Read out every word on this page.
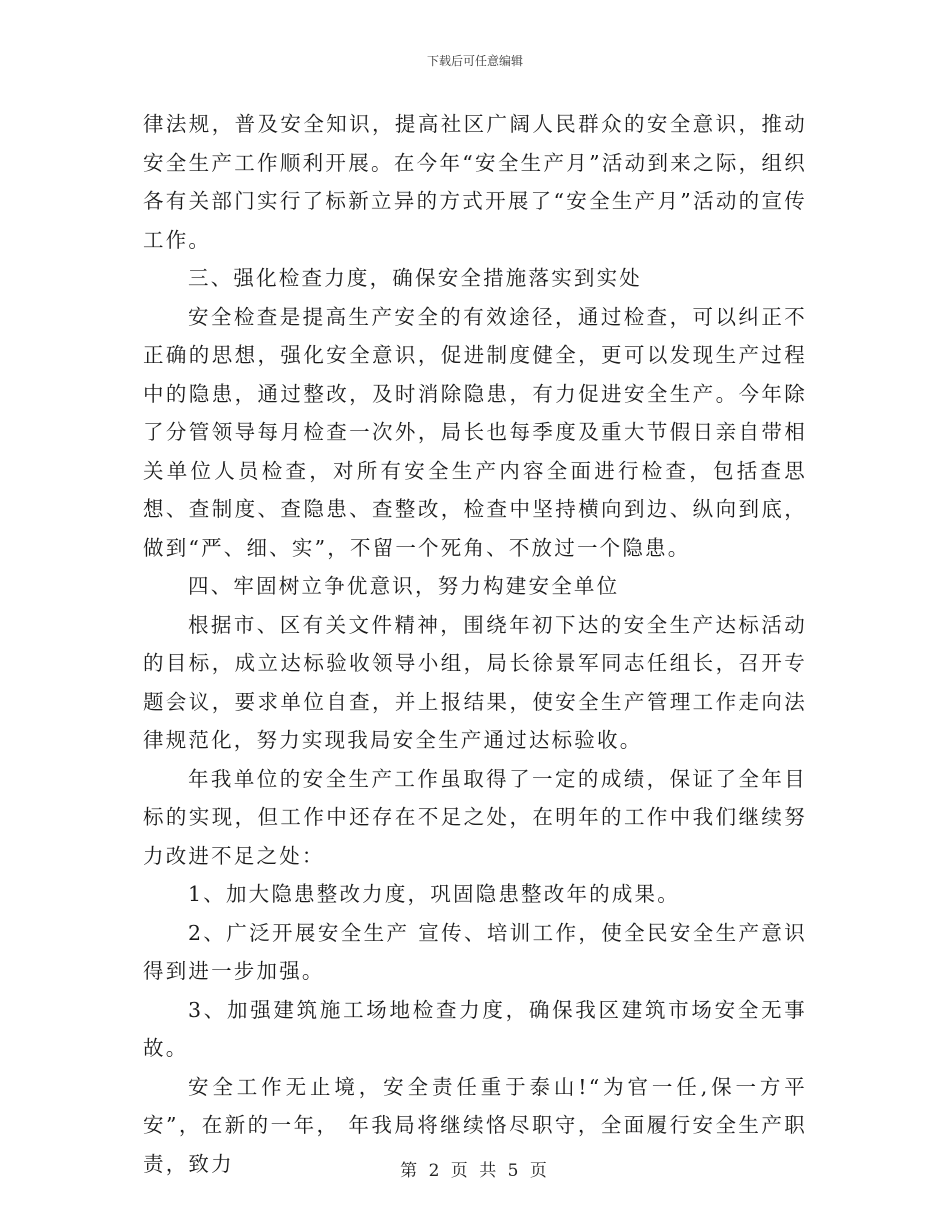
下载后可任意编辑

律法规，普及安全知识，提高社区广阔人民群众的安全意识，推动安全生产工作顺利开展。在今年“安全生产月”活动到来之际，组织各有关部门实行了标新立异的方式开展了“安全生产月”活动的宣传工作。

三、强化检查力度，确保安全措施落实到实处

安全检查是提高生产安全的有效途径，通过检查，可以纠正不正确的思想，强化安全意识，促进制度健全，更可以发现生产过程中的隐患，通过整改，及时消除隐患，有力促进安全生产。今年除了分管领导每月检查一次外，局长也每季度及重大节假日亲自带相关单位人员检查，对所有安全生产内容全面进行检查，包括查思想、查制度、查隐患、查整改，检查中坚持横向到边、纵向到底，做到“严、细、实”，不留一个死角、不放过一个隐患。

四、牢固树立争优意识，努力构建安全单位

根据市、区有关文件精神，围绕年初下达的安全生产达标活动的目标，成立达标验收领导小组，局长徐景军同志任组长，召开专题会议，要求单位自查，并上报结果，使安全生产管理工作走向法律规范化，努力实现我局安全生产通过达标验收。

年我单位的安全生产工作虽取得了一定的成绩，保证了全年目标的实现，但工作中还存在不足之处，在明年的工作中我们继续努力改进不足之处：

1、加大隐患整改力度，巩固隐患整改年的成果。

2、广泛开展安全生产 宣传、培训工作，使全民安全生产意识得到进一步加强。

3、加强建筑施工场地检查力度，确保我区建筑市场安全无事故。

安全工作无止境，安全责任重于泰山!“为官一任,保一方平安”，在新的一年， 年我局将继续恪尽职守，全面履行安全生产职责，致力	第 2 页 共 5 页
